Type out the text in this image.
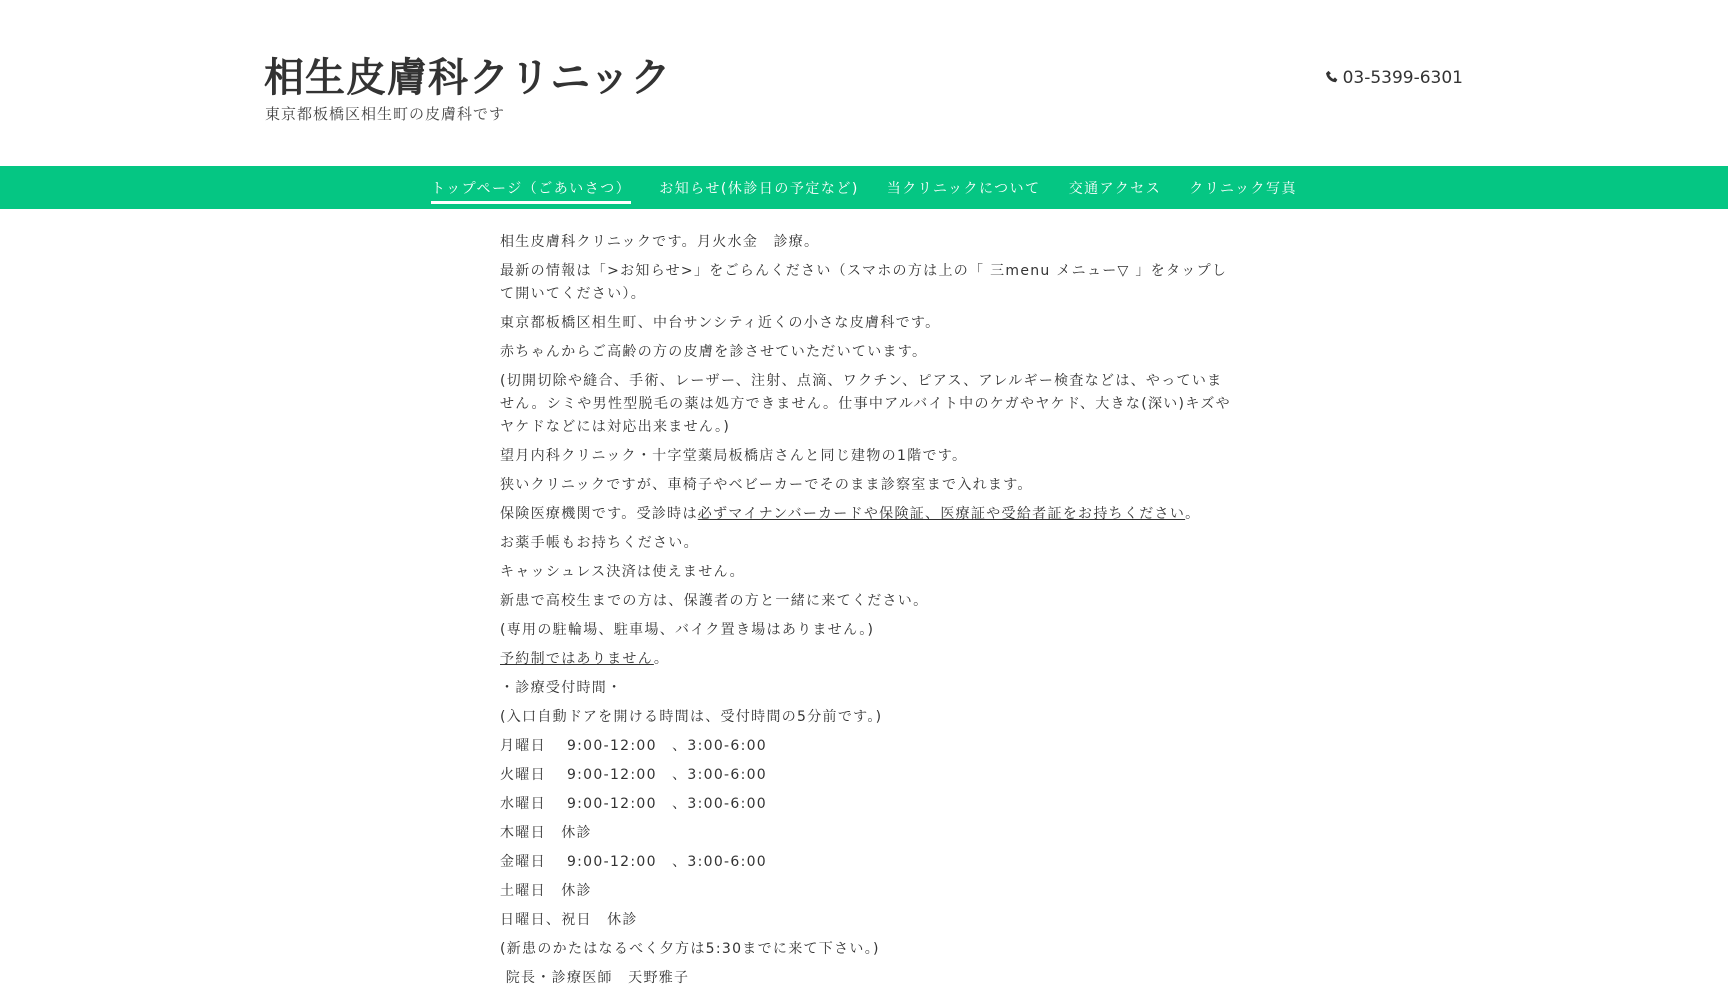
相生皮膚科クリニック
東京都板橋区相生町の皮膚科です
03-5399-6301
トップページ（ごあいさつ） お知らせ(休診日の予定など) 当クリニックについて 交通アクセス クリニック写真

相生皮膚科クリニックです。月火水金　診療。

最新の情報は「>お知らせ>」をごらんください（スマホの方は上の「 三menu メニュー▽ 」をタップして開いてください）。

東京都板橋区相生町、中台サンシティ近くの小さな皮膚科です。

赤ちゃんからご高齢の方の皮膚を診させていただいています。

(切開切除や縫合、手術、レーザー、注射、点滴、ワクチン、ピアス、アレルギー検査などは、やっていません。シミや男性型脱毛の薬は処方できません。仕事中アルバイト中のケガやヤケド、大きな(深い)キズやヤケドなどには対応出来ません。)

望月内科クリニック・十字堂薬局板橋店さんと同じ建物の1階です。

狭いクリニックですが、車椅子やベビーカーでそのまま診察室まで入れます。

保険医療機関です。受診時は必ずマイナンバーカードや保険証、医療証や受給者証をお持ちください。

お薬手帳もお持ちください。

キャッシュレス決済は使えません。

新患で高校生までの方は、保護者の方と一緒に来てください。

(専用の駐輪場、駐車場、バイク置き場はありません。)

予約制ではありません。

・診療受付時間・

(入口自動ドアを開ける時間は、受付時間の5分前です。)

月曜日　 9:00-12:00　、3:00-6:00

火曜日　 9:00-12:00　、3:00-6:00

水曜日　 9:00-12:00　、3:00-6:00

木曜日　休診

金曜日　 9:00-12:00　、3:00-6:00

土曜日　休診

日曜日、祝日　休診

(新患のかたはなるべく夕方は5:30までに来て下さい。)

院長・診療医師　天野雅子
